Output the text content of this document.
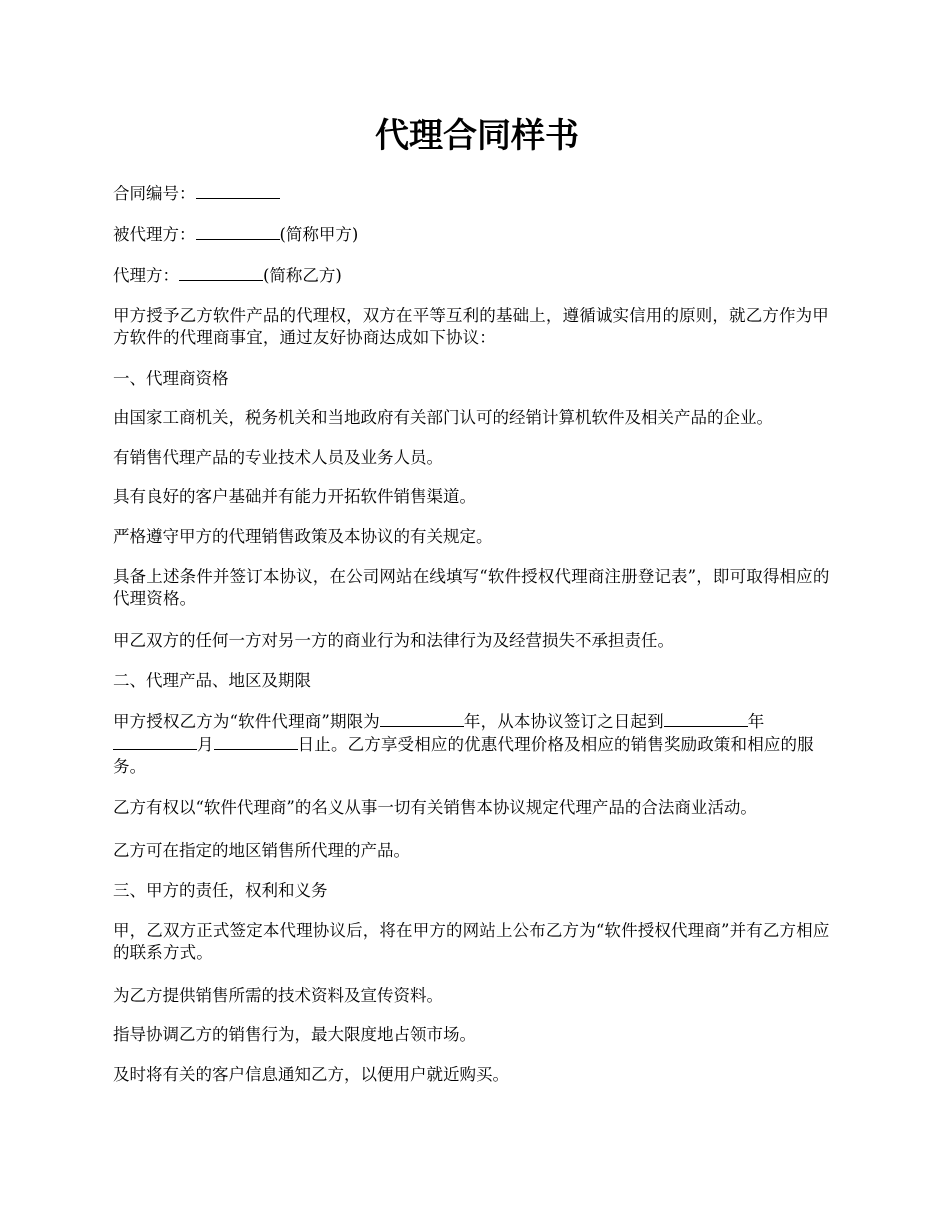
代理合同样书

合同编号：

被代理方：	(简称甲方)

代理方：	(简称乙方)

甲方授予乙方软件产品的代理权，双方在平等互利的基础上，遵循诚实信用的原则，就乙方作为甲方软件的代理商事宜，通过友好协商达成如下协议：

一、代理商资格

由国家工商机关，税务机关和当地政府有关部门认可的经销计算机软件及相关产品的企业。

有销售代理产品的专业技术人员及业务人员。

具有良好的客户基础并有能力开拓软件销售渠道。

严格遵守甲方的代理销售政策及本协议的有关规定。

具备上述条件并签订本协议，在公司网站在线填写“软件授权代理商注册登记表”，即可取得相应的代理资格。

甲乙双方的任何一方对另一方的商业行为和法律行为及经营损失不承担责任。

二、代理产品、地区及期限

甲方授权乙方为“软件代理商”期限为	年，从本协议签订之日起到	年月	日止。乙方享受相应的优惠代理价格及相应的销售奖励政策和相应的服务。

乙方有权以“软件代理商”的名义从事一切有关销售本协议规定代理产品的合法商业活动。

乙方可在指定的地区销售所代理的产品。

三、甲方的责任，权利和义务

甲，乙双方正式签定本代理协议后，将在甲方的网站上公布乙方为“软件授权代理商”并有乙方相应的联系方式。

为乙方提供销售所需的技术资料及宣传资料。

指导协调乙方的销售行为，最大限度地占领市场。

及时将有关的客户信息通知乙方，以便用户就近购买。
